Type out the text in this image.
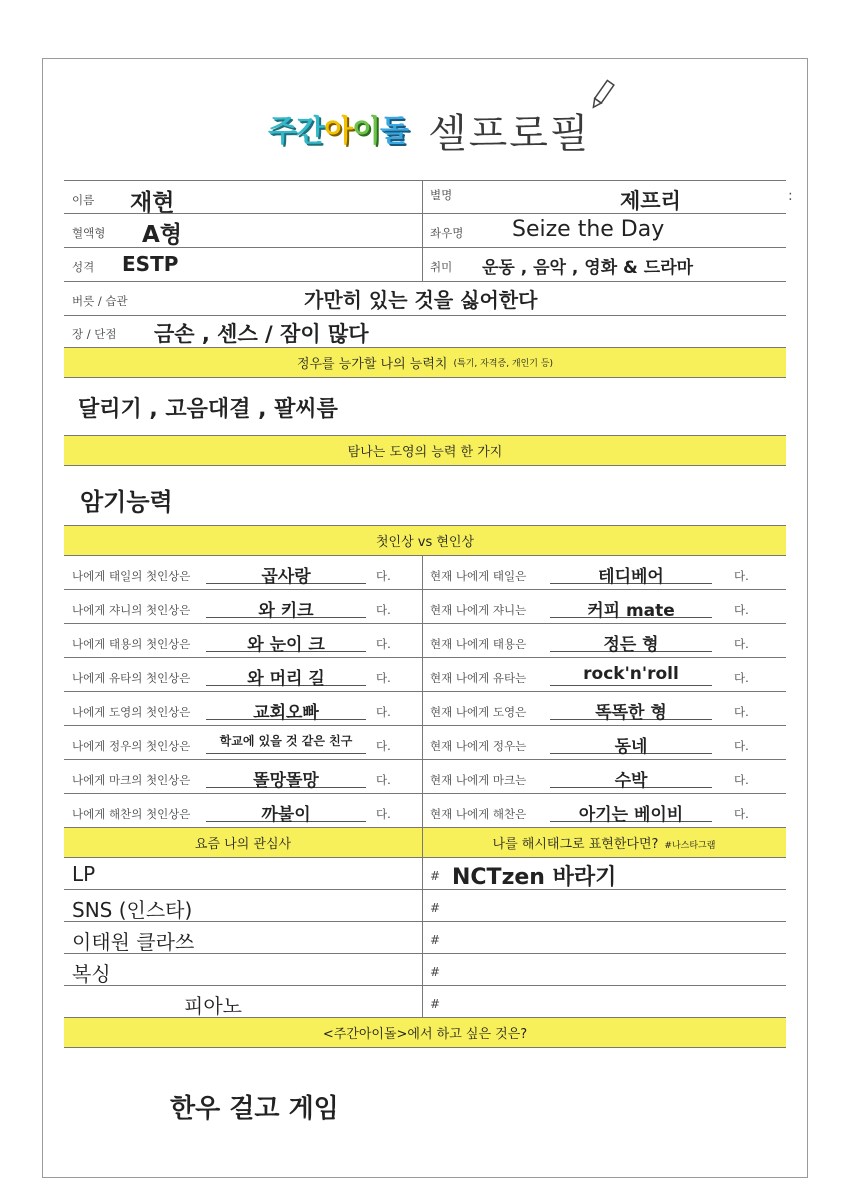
주간 아 이 돌 셀프로필
:
이름 재현	별명	제프리
혈액형 A형	좌우명 Seize the Day
성격 ESTP	취미 운동 , 음악 , 영화 & 드라마
버릇 / 습관	가만히 있는 것을 싫어한다
장 / 단점 금손 , 센스 / 잠이 많다
정우를 능가할 나의 능력치 (특기, 자격증, 개인기 등)
달리기 , 고음대결 , 팔씨름
탐나는 도영의 능력 한 가지
암기능력
첫인상 vs 현인상
나에게 태일의 첫인상은	곱사랑	다.	현재 나에게 태일은	테디베어	다.
나에게 쟈니의 첫인상은	와 키크	다.	현재 나에게 쟈니는	커피 mate	다.
나에게 태용의 첫인상은	와 눈이 크	다.	현재 나에게 태용은	정든 형	다.
나에게 유타의 첫인상은	와 머리 길	다.	현재 나에게 유타는	rock'n'roll	다.
나에게 도영의 첫인상은	교회오빠	다.	현재 나에게 도영은	똑똑한 형	다.
나에게 정우의 첫인상은	학교에 있을 것 같은 친구	다.	현재 나에게 정우는	동네	다.
나에게 마크의 첫인상은	똘망똘망	다.	현재 나에게 마크는	수박	다.
나에게 해찬의 첫인상은	까불이	다.	현재 나에게 해찬은	아기는 베이비	다.
요즘 나의 관심사	나를 해시태그로 표현한다면? #나스타그램
LP	# NCTzen 바라기
SNS (인스타)	#
이태원 클라쓰	#
복싱	#
피아노	#
<주간아이돌>에서 하고 싶은 것은?
한우 걸고 게임
